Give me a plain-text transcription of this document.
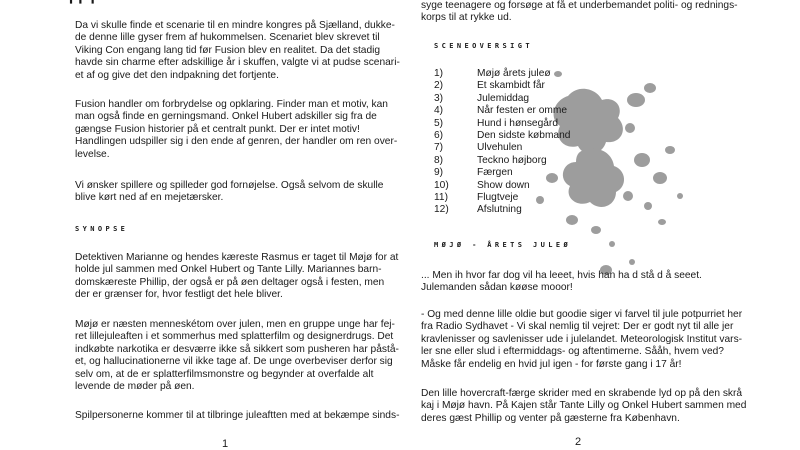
▘▝ ▘

Da vi skulle finde et scenarie til en mindre kongres på Sjælland, dukke-

de denne lille gyser frem af hukommelsen. Scenariet blev skrevet til

Viking Con engang lang tid før Fusion blev en realitet. Da det stadig

havde sin charme efter adskillige år i skuffen, valgte vi at pudse scenari-

et af og give det den indpakning det fortjente.

Fusion handler om forbrydelse og opklaring. Finder man et motiv, kan

man også finde en gerningsmand. Onkel Hubert adskiller sig fra de

gængse Fusion historier på et centralt punkt. Der er intet motiv!

Handlingen udspiller sig i den ende af genren, der handler om ren over-

levelse.

Vi ønsker spillere og spilleder god fornøjelse. Også selvom de skulle

blive kørt ned af en mejetærsker.

SYNOPSE

Detektiven Marianne og hendes kæreste Rasmus er taget til Møjø for at

holde jul sammen med Onkel Hubert og Tante Lilly. Mariannes barn-

domskæreste Phillip, der også er på øen deltager også i festen, men

der er grænser for, hvor festligt det hele bliver.

Møjø er næsten menneskétom over julen, men en gruppe unge har fej-

ret lillejuleaften i et sommerhus med splatterfilm og designerdrugs. Det

indkøbte narkotika er desværre ikke så sikkert som pusheren har påstå-

et, og hallucinationerne vil ikke tage af. De unge overbeviser derfor sig

selv om, at de er splatterfilmsmonstre og begynder at overfalde alt

levende de møder på øen.

Spilpersonerne kommer til at tilbringe juleaftten med at bekæmpe sinds-

1

syge teenagere og forsøge at få et underbemandet politi- og rednings-

korps til at rykke ud.

SCENEOVERSIGT

1)	Møjø årets juleø
2)	Et skambidt får
3)	Julemiddag
4)	Når festen er omme
5)	Hund i hønsegård
6)	Den sidste købmand
7)	Ulvehulen
8)	Teckno højborg
9)	Færgen
10)	Show down
11)	Flugtveje
12)	Afslutning

MØJØ - ÅRETS JULEØ

... Men ih hvor far dog vil ha leeet, hvis han ha d stå d å seeet.

Julemanden sådan køøse mooor!

- Og med denne lille oldie but goodie siger vi farvel til jule potpurriet her

fra Radio Sydhavet - Vi skal nemlig til vejret: Der er godt nyt til alle jer

kravlenisser og savlenisser ude i julelandet. Meteorologisk Institut vars-

ler sne eller slud i eftermiddags- og aftentimerne. Sååh, hvem ved?

Måske får endelig en hvid jul igen - for første gang i 17 år!

Den lille hovercraft-færge skrider med en skrabende lyd op på den skrå

kaj i Møjø havn. På Kajen står Tante Lilly og Onkel Hubert sammen med

deres gæst Phillip og venter på gæsterne fra København.

2
